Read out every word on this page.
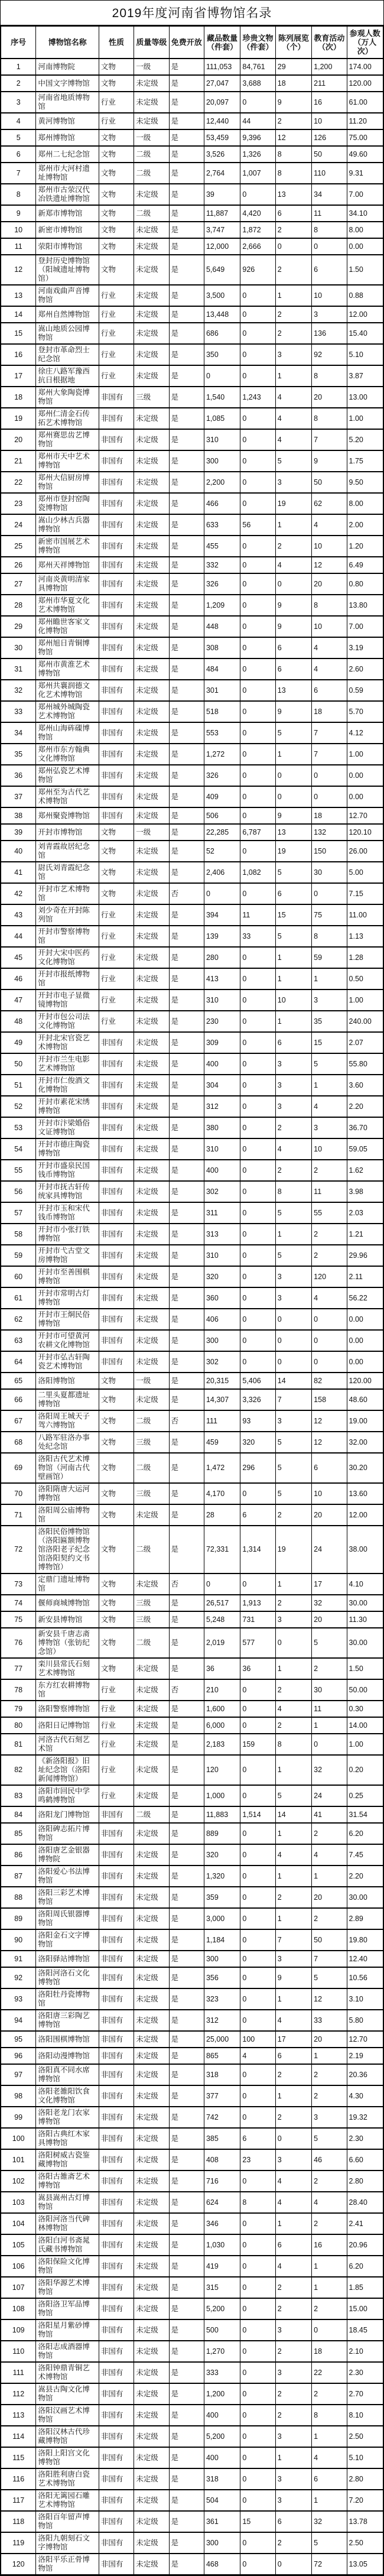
2019年度河南省博物馆名录
序号	博物馆名称	性质	质量等级	免费开放	藏品数量（件套）	珍贵文物（件套）	陈列展览（个）	教育活动（次）	参观人数（万人次）
1	河南博物院	文物	一级	是	111,053	84,761	29	1,200	174.00
2	中国文字博物馆	文物	未定级	是	27,047	3,688	18	211	120.00
3	河南省地质博物馆	行业	未定级	是	20,097	0	9	16	61.00
4	黄河博物馆	行业	未定级	是	12,440	44	2	10	11.20
5	郑州博物馆	文物	一级	是	53,459	9,396	12	126	75.00
6	郑州二七纪念馆	文物	二级	是	3,526	1,326	8	50	49.60
7	郑州市大河村遗址博物馆	文物	二级	是	2,764	1,007	8	110	9.31
8	郑州市古荥汉代冶铁遗址博物馆	文物	未定级	是	39	0	13	34	7.00
9	新郑市博物馆	文物	二级	是	11,887	4,420	6	11	34.10
10	新密市博物馆	文物	未定级	是	3,747	1,872	2	8	8.00
11	荥阳市博物馆	文物	未定级	是	12,000	2,666	0	0	0.00
12	登封历史博物馆（阳城遗址博物馆）	文物	未定级	是	5,649	926	2	6	1.50
13	河南戏曲声音博物馆	行业	未定级	是	3,500	0	1	10	0.88
14	郑州自然博物馆	行业	未定级	是	13,448	0	2	3	12.00
15	嵩山地质公园博物馆	行业	未定级	是	686	0	2	136	15.40
16	登封市革命烈士纪念馆	行业	未定级	是	350	0	3	92	5.10
17	徐庄八路军豫西抗日根据地	行业	未定级	是	0	0	1	8	3.87
18	郑州大象陶瓷博物馆	非国有	三级	是	1,540	1,243	4	20	13.00
19	郑州仁清金石传拓艺术博物馆	非国有	未定级	是	1,085	0	4	8	1.00
20	郑州赛思齿艺博物馆	非国有	未定级	是	310	0	4	7	5.20
21	郑州市天中艺术博物馆	非国有	未定级	是	300	0	5	9	1.75
22	郑州大信厨房博物馆	非国有	未定级	是	2,200	0	3	50	9.50
23	郑州市登封窑陶瓷博物馆	非国有	未定级	是	466	0	19	62	8.00
24	嵩山少林古兵器博物馆	非国有	未定级	是	633	56	1	4	2.00
25	新密市国展艺术博物馆	非国有	未定级	是	455	0	2	10	1.20
26	郑州天祥博物馆	非国有	未定级	是	332	0	4	12	6.49
27	河南炎黄明清家具博物馆	非国有	未定级	是	326	0	0	20	0.80
28	郑州市华夏文化艺术博物馆	非国有	未定级	是	1,209	0	9	8	13.80
29	郑州瞻世客家文化博物馆	非国有	未定级	是	448	0	9	10	7.00
30	郑州旭日青铜博物馆	非国有	未定级	是	308	0	6	4	3.19
31	郑州市黄淮艺术博物馆	非国有	未定级	是	484	0	6	4	2.60
32	郑州共襄润德文化艺术博物馆	非国有	未定级	是	301	0	13	6	0.59
33	郑州城外城陶瓷艺术博物馆	非国有	未定级	是	518	0	9	18	5.70
34	郑州山海砗磲博物馆	非国有	未定级	是	553	0	5	7	4.12
35	郑州市东方翰典文化博物馆	非国有	未定级	是	1,272	0	1	7	1.00
36	郑州弘瓷艺术博物馆	非国有	未定级	是	326	0	0	0	0.00
37	郑州至为古代艺术博物馆	非国有	未定级	是	409	0	0	0	0.00
38	郑州聚瓷博物馆	非国有	未定级	是	506	0	9	18	12.70
39	开封市博物馆	文物	一级	是	22,285	6,787	13	132	120.10
40	刘青霞故居纪念馆	文物	未定级	是	52	0	19	150	26.00
41	尉氏刘青霞纪念馆	文物	未定级	是	2,406	1,082	5	30	5.00
42	开封市艺术博物馆	文物	未定级	否	0	0	6	0	7.15
43	刘少奇在开封陈列馆	行业	未定级	是	394	11	15	75	11.00
44	开封市警察博物馆	行业	未定级	是	139	33	5	8	1.13
45	开封大宋中医药文化博物馆	行业	未定级	是	280	0	1	59	1.28
46	开封市报纸博物馆	行业	未定级	是	413	0	1	1	0.50
47	开封市电子显微镜博物馆	行业	未定级	是	310	0	10	3	1.00
48	开封市包公司法文化博物馆	行业	未定级	是	230	0	1	35	240.00
49	开封北宋官瓷艺术博物馆	非国有	未定级	是	309	0	6	15	2.07
50	开封市兰生电影艺术博物馆	非国有	未定级	是	400	0	3	5	55.80
51	开封市仁俊酒文化博物馆	非国有	未定级	是	304	0	3	1	3.60
52	开封市素花宋绣博物馆	非国有	未定级	是	312	0	3	4	2.20
53	开封市汴梁婚俗文证博物馆	非国有	未定级	是	380	0	2	3	36.70
54	开封市德庄陶瓷博物馆	非国有	未定级	是	310	0	4	10	59.05
55	开封市盛泉民国钱币博物馆	非国有	未定级	是	400	0	2	2	1.62
56	开封市抚古轩传统家具博物馆	非国有	未定级	是	302	0	8	11	3.98
57	开封市玉和宋代钱币博物馆	非国有	未定级	是	311	0	5	55	2.03
58	开封市小张打铁博物馆	非国有	未定级	是	313	0	1	2	1.21
59	开封市弋古堂文房博物馆	非国有	未定级	是	310	0	5	2	29.96
60	开封市至善围棋博物馆	非国有	未定级	是	320	0	3	120	2.11
61	开封市常明古灯博物馆	非国有	未定级	是	360	0	3	4	56.22
62	开封市王烔民俗博物馆	非国有	未定级	是	406	0	0	0	0.00
63	开封市可望黄河农耕文化博物馆	非国有	未定级	是	300	0	0	0	0.00
64	开封市弘古轩陶瓷艺术博物馆	非国有	未定级	是	302	0	0	0	0.00
65	洛阳博物馆	文物	一级	是	20,315	5,406	14	82	120.00
66	二里头夏都遗址博物馆	文物	未定级	是	14,307	3,326	7	158	48.60
67	洛阳周王城天子驾六博物馆	文物	二级	否	111	93	3	12	19.00
68	八路军驻洛办事处纪念馆	文物	三级	是	459	320	5	12	32.00
69	洛阳古代艺术博物馆（河南古代壁画馆）	文物	二级	是	1,472	296	5	6	30.20
70	洛阳隋唐大运河博物馆	文物	三级	是	4,170	0	5	10	13.60
71	洛阳周公庙博物馆	文物	未定级	是	28	6	2	20	12.00
72	洛阳民俗博物馆（洛阳匾额博物馆洛阳老子纪念馆洛阳契约文书博物馆）	文物	二级	是	72,331	1,314	19	24	38.00
73	定鼎门遗址博物馆	文物	未定级	否	0	0	1	17	4.10
74	偃师商城博物馆	文物	三级	是	26,517	1,913	2	32	30.00
75	新安县博物馆	文物	三级	是	5,248	731	3	20	11.30
76	新安县千唐志斋博物馆（张钫纪念馆）	文物	二级	是	2,019	577	0	5	30.00
77	栾川县常氏石刻艺术博物馆	文物	未定级	是	36	36	1	2	1.50
78	东方红农耕博物馆	行业	未定级	否	210	0	2	30	50.00
79	洛阳警察博物馆	行业	未定级	是	1,600	0	4	11	0.30
80	洛阳日记博物馆	行业	未定级	是	6,000	0	2	1	14.00
81	河洛古代石刻艺术馆	行业	未定级	是	2,183	159	8	0	1.00
82	《新洛阳报》旧址纪念馆（洛阳新闻博物馆）	行业	未定级	是	120	0	1	32	0.20
83	洛阳市回民中学鸣鹤博物馆	行业	未定级	是	1,000	0	5	24	0.25
84	洛阳龙门博物馆	非国有	二级	是	11,883	1,514	14	41	31.54
85	洛阳碑志拓片博物馆	非国有	未定级	是	889	0	1	2	6.20
86	洛阳唐艺金银器博物院	非国有	未定级	是	320	0	4	4	7.45
87	洛阳爱心书法博物馆	非国有	未定级	是	1,320	0	1	1	2.20
88	洛阳三彩艺术博物馆	非国有	未定级	是	359	0	2	20	30.00
89	洛阳周氏银器博物馆	非国有	未定级	是	3,000	0	1	2	2.89
90	洛阳金石文字博物馆	非国有	未定级	是	1,184	0	7	50	19.80
91	洛阳驿站博物馆	非国有	未定级	是	300	0	3	7	12.40
92	洛阳河洛石文化博物馆	非国有	未定级	是	356	0	9	5	10.56
93	洛阳牡丹瓷博物馆	非国有	未定级	是	323	0	1	12	3.10
94	洛阳唐三彩陶艺博物馆	非国有	未定级	是	312	0	4	33	5.80
95	洛阳围棋博物馆	非国有	未定级	是	25,000	100	17	20	12.70
96	洛阳动漫博物馆	非国有	未定级	是	865	4	6	1	2.19
97	洛阳真不同水席博物馆	非国有	未定级	是	318	0	2	2	20.36
98	洛阳老雒阳饮食文化博物馆	非国有	未定级	是	377	0	1	2	4.30
99	洛阳老龙门农家博物馆	非国有	未定级	是	742	0	2	3	19.32
100	洛阳古典红木家具博物馆	非国有	未定级	是	385	6	0	5	2.30
101	洛阳树威古瓷鉴藏博物馆	非国有	未定级	是	408	23	3	46	6.60
102	洛阳古雒斋艺术博物馆	非国有	未定级	是	716	0	4	2	2.80
103	嵩县嵩州古灯博物馆	非国有	未定级	是	624	8	4	4	28.40
104	洛阳河洛当代碑林博物馆	非国有	未定级	是	346	0	1	2	2.41
105	洛阳白河书斋晁氏藏书博物馆	非国有	未定级	是	1,030	0	6	16	20.96
106	洛阳保险文化博物馆	非国有	未定级	是	419	0	4	1	6.20
107	洛阳华源艺术博物馆	非国有	未定级	是	315	0	2	1	1.85
108	洛阳洛卫军品博物馆	非国有	未定级	是	5,200	0	2	2	15.00
109	洛阳星月紫砂博物馆	非国有	未定级	是	500	0	3	0	18.45
110	洛阳志成酒器博物馆	非国有	未定级	是	1,270	0	2	18	2.10
111	洛阳钟鼎青铜艺术博物馆	非国有	未定级	是	333	0	3	22	2.30
112	嵩县古陶文化博物馆	非国有	未定级	是	1,200	0	2	2	2.70
113	洛阳汉画艺术博物馆	非国有	未定级	是	400	0	2	8	8.10
114	洛阳汉林古代珍藏博物馆	非国有	未定级	是	5,200	0	3	1	2.50
115	洛阳上阳宫文化博物馆	非国有	未定级	是	400	0	1	4	5.10
116	洛阳胜利唐白瓷艺术博物馆	非国有	未定级	是	318	0	3	6	2.80
117	洛阳无篱园石雕艺术博物馆	非国有	未定级	是	504	0	3	1	7.20
118	洛阳百年留声博物馆	非国有	未定级	是	361	15	6	32	13.78
119	洛阳九朝刻石文字博物馆	非国有	未定级	是	300	0	2	5	2.50
120	洛阳平乐正骨博物馆	非国有	未定级	是	468	0	0	72	13.05
